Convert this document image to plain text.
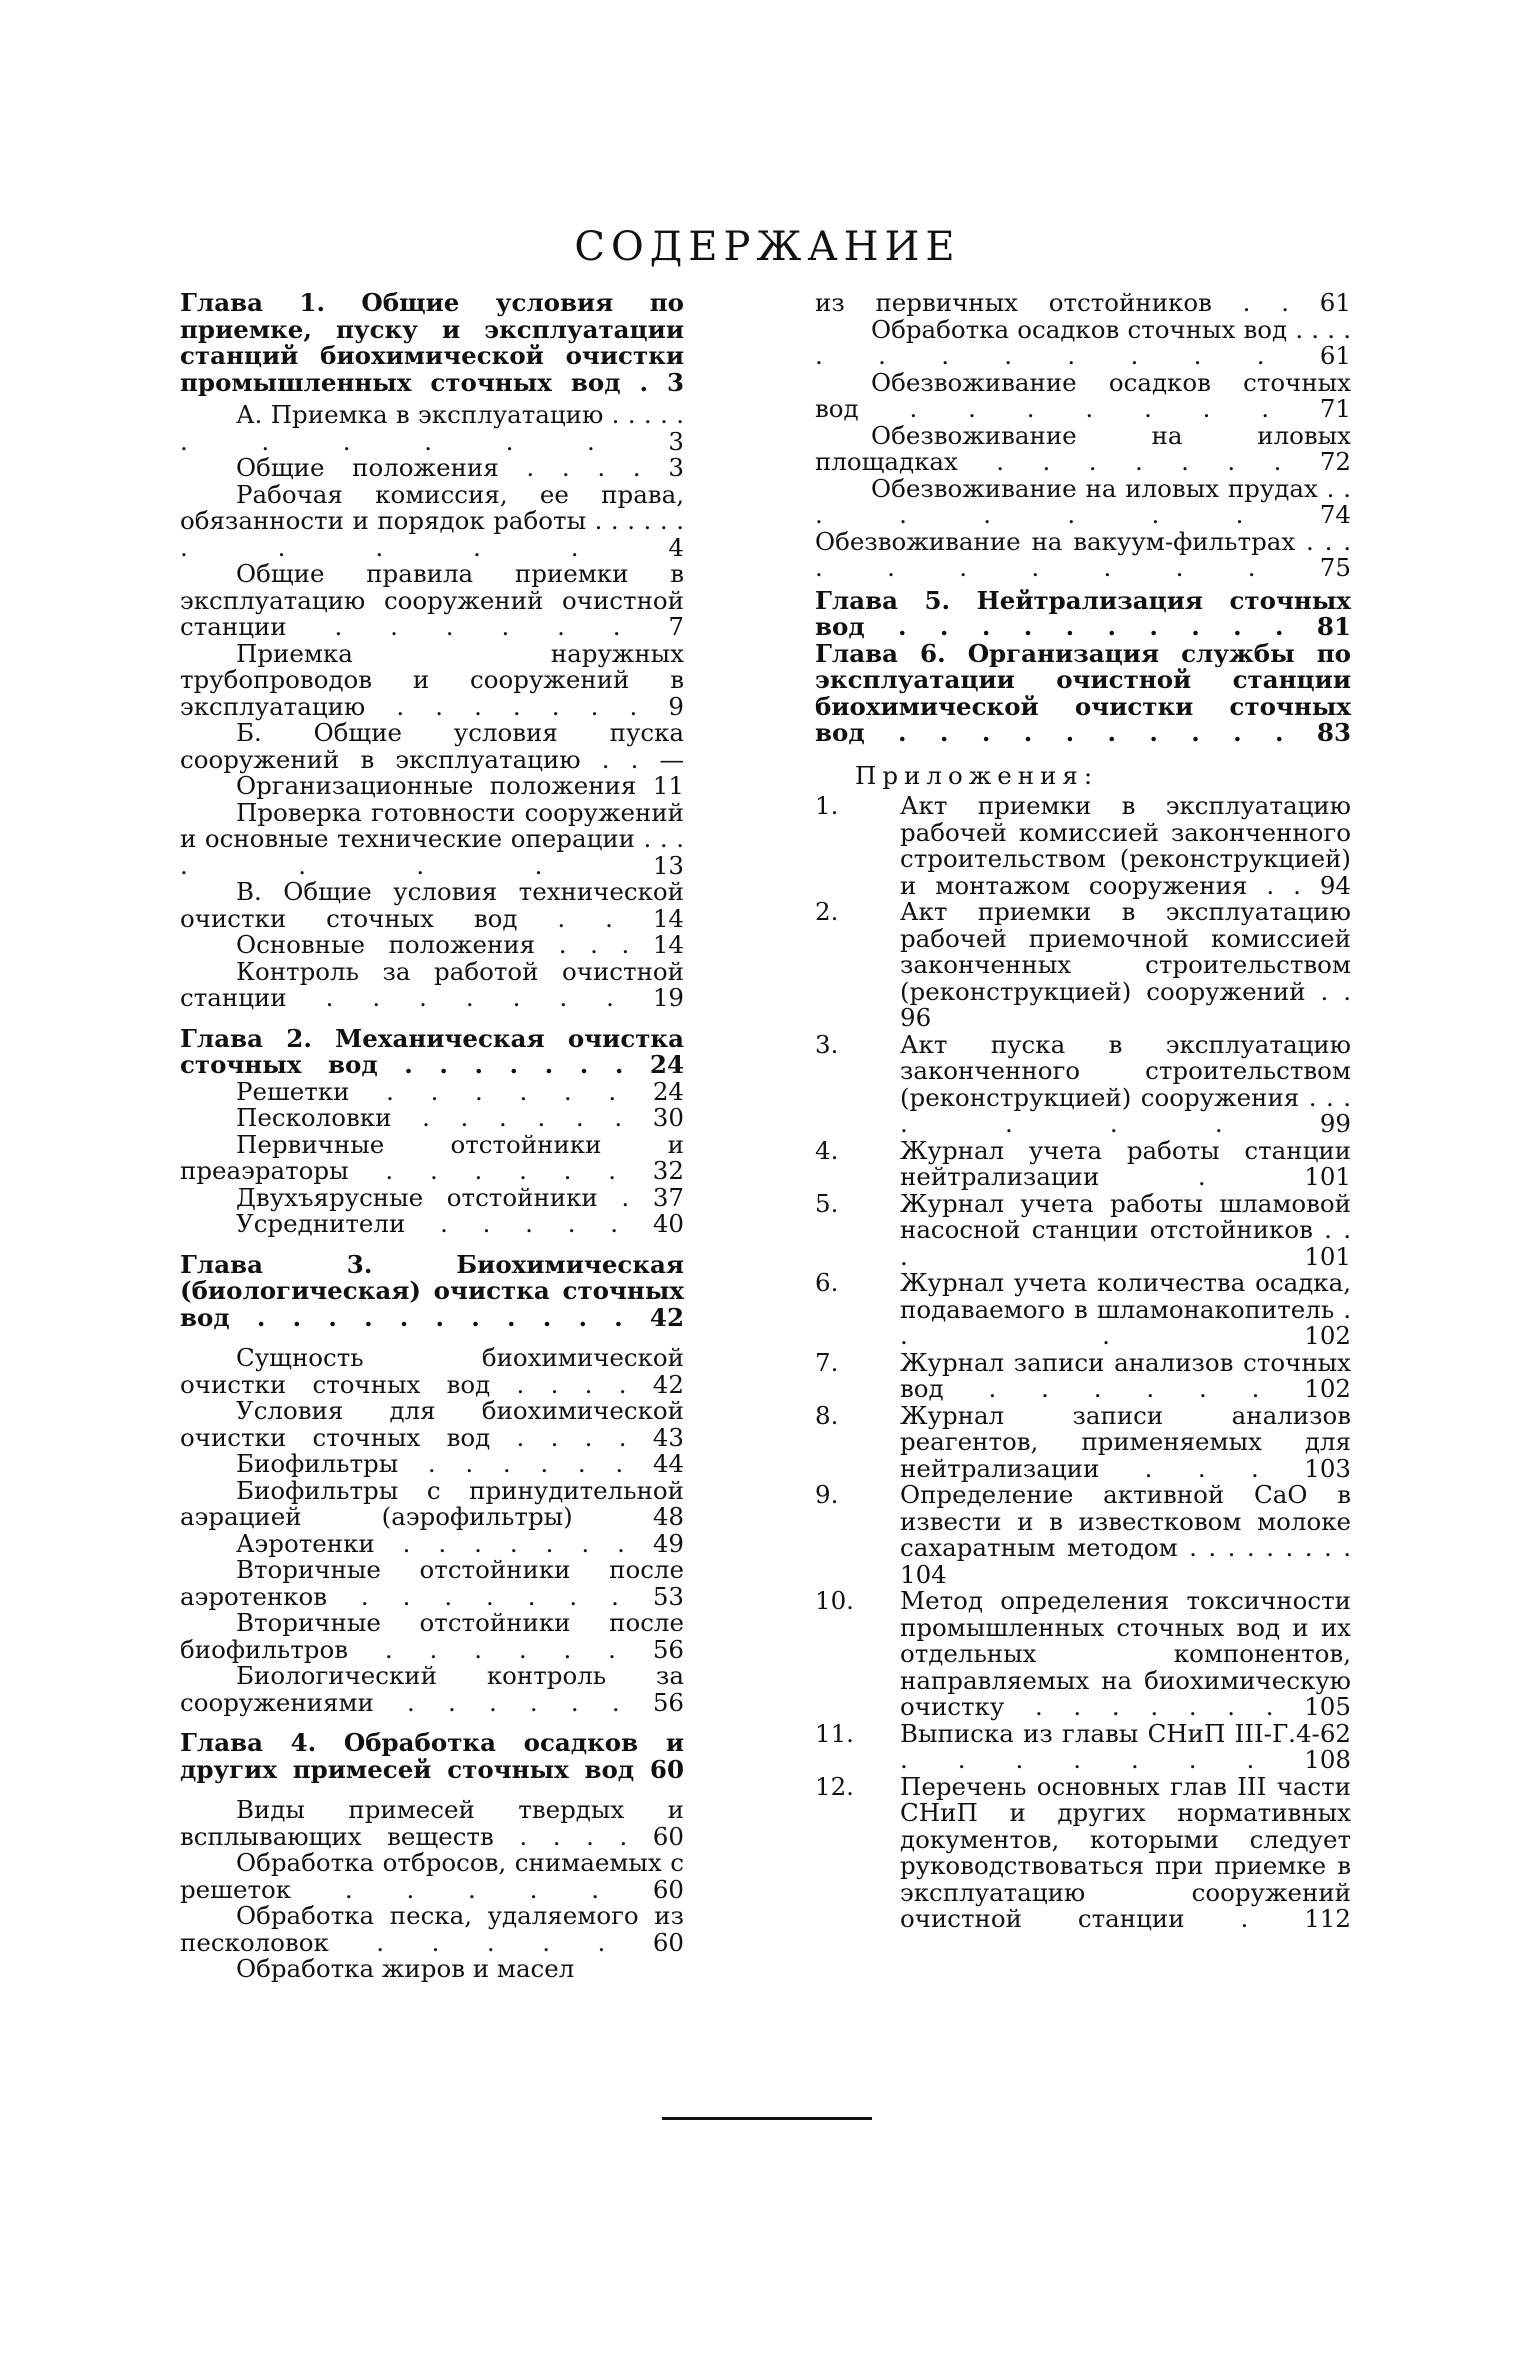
СОДЕРЖАНИЕ

Глава 1. Общие условия по приемке, пуску и эксплуатации станций биохимической очистки промышленных сточных вод . 3

А. Приемка в эксплуатацию . . . . . . . . . . . 3

Общие положения . . . . 3

Рабочая комиссия, ее права, обязанности и порядок работы . . . . . . . . . . . 4

Общие правила приемки в эксплуатацию сооружений очистной станции . . . . . . 7

Приемка наружных трубопроводов и сооружений в эксплуатацию . . . . . . . 9

Б. Общие условия пуска сооружений в эксплуатацию . . —

Организационные положения 11

Проверка готовности сооружений и основные технические операции . . . . . . . 13

В. Общие условия технической очистки сточных вод . . 14

Основные положения . . . 14

Контроль за работой очистной станции . . . . . . . 19

Глава 2. Механическая очистка сточных вод . . . . . . . 24

Решетки . . . . . . 24

Песколовки . . . . . . 30

Первичные отстойники и преаэраторы . . . . . . 32

Двухъярусные отстойники . 37

Усреднители . . . . . 40

Глава 3. Биохимическая (биологическая) очистка сточных вод . . . . . . . . . . . 42

Сущность биохимической очистки сточных вод . . . . 42

Условия для биохимической очистки сточных вод . . . . 43

Биофильтры . . . . . . 44

Биофильтры с принудительной аэрацией (аэрофильтры) 48

Аэротенки . . . . . . . 49

Вторичные отстойники после аэротенков . . . . . . . 53

Вторичные отстойники после биофильтров . . . . . . 56

Биологический контроль за сооружениями . . . . . . 56

Глава 4. Обработка осадков и других примесей сточных вод 60

Виды примесей твердых и всплывающих веществ . . . . 60

Обработка отбросов, снимаемых с решеток . . . . . 60

Обработка песка, удаляемого из песколовок . . . . . 60

Обработка жиров и масел

из первичных отстойников . . 61

Обработка осадков сточных вод . . . . . . . . . . . . 61

Обезвоживание осадков сточных вод . . . . . . . 71

Обезвоживание на иловых площадках . . . . . . . 72

Обезвоживание на иловых прудах . . . . . . . . 74

Обезвоживание на вакуум-фильтрах . . . . . . . . . . 75

Глава 5. Нейтрализация сточных вод . . . . . . . . . . 81

Глава 6. Организация службы по эксплуатации очистной станции биохимической очистки сточных вод . . . . . . . . . . 83

Приложения:
1.	Акт приемки в эксплуатацию рабочей комиссией законченного строительством (реконструкцией) и монтажом сооружения . . 94
2.	Акт приемки в эксплуатацию рабочей приемочной комиссией законченных строительством (реконструкцией) сооружений . . 96
3.	Акт пуска в эксплуатацию законченного строительством (реконструкцией) сооружения . . . . . . . 99
4.	Журнал учета работы станции нейтрализации . 101
5.	Журнал учета работы шламовой насосной станции отстойников . . . 101
6.	Журнал учета количества осадка, подаваемого в шламонакопитель . . . 102
7.	Журнал записи анализов сточных вод . . . . . . 102
8.	Журнал записи анализов реагентов, применяемых для нейтрализации . . . 103
9.	Определение активной CaO в извести и в известковом молоке сахаратным методом . . . . . . . . . 104
10.	Метод определения токсичности промышленных сточных вод и их отдельных компонентов, направляемых на биохимическую очистку . . . . . . . 105
11.	Выписка из главы СНиП III-Г.4-62 . . . . . . . 108
12.	Перечень основных глав III части СНиП и других нормативных документов, которыми следует руководствоваться при приемке в эксплуатацию сооружений очистной станции . 112
